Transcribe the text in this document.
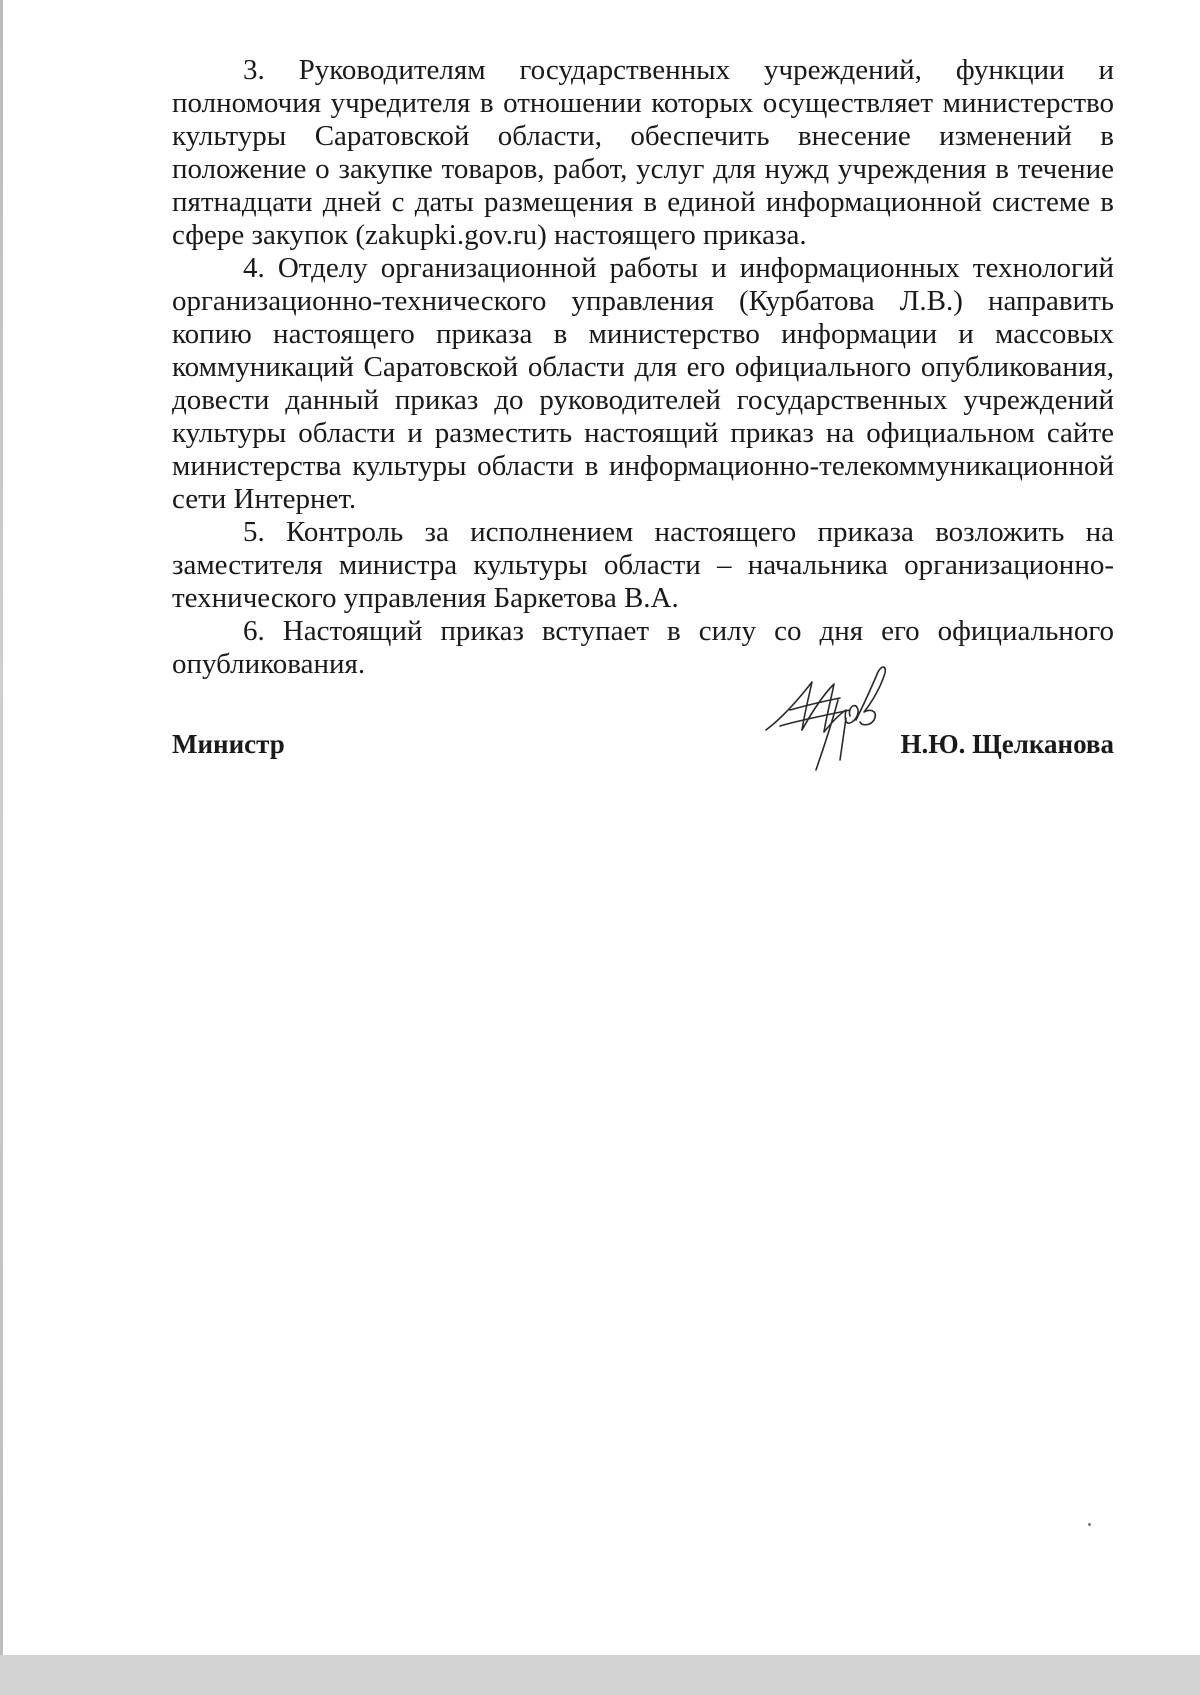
3. Руководителям государственных учреждений, функции и полномочия учредителя в отношении которых осуществляет министерство культуры Саратовской области, обеспечить внесение изменений в положение о закупке товаров, работ, услуг для нужд учреждения в течение пятнадцати дней с даты размещения в единой информационной системе в сфере закупок (zakupki.gov.ru) настоящего приказа.

4. Отделу организационной работы и информационных технологий организационно-технического управления (Курбатова Л.В.) направить копию настоящего приказа в министерство информации и массовых коммуникаций Саратовской области для его официального опубликования, довести данный приказ до руководителей государственных учреждений культуры области и разместить настоящий приказ на официальном сайте министерства культуры области в информационно-телекоммуникационной сети Интернет.

5. Контроль за исполнением настоящего приказа возложить на заместителя министра культуры области – начальника организационно-технического управления Баркетова В.А.

6. Настоящий приказ вступает в силу со дня его официального опубликования.

Министр	Н.Ю. Щелканова
